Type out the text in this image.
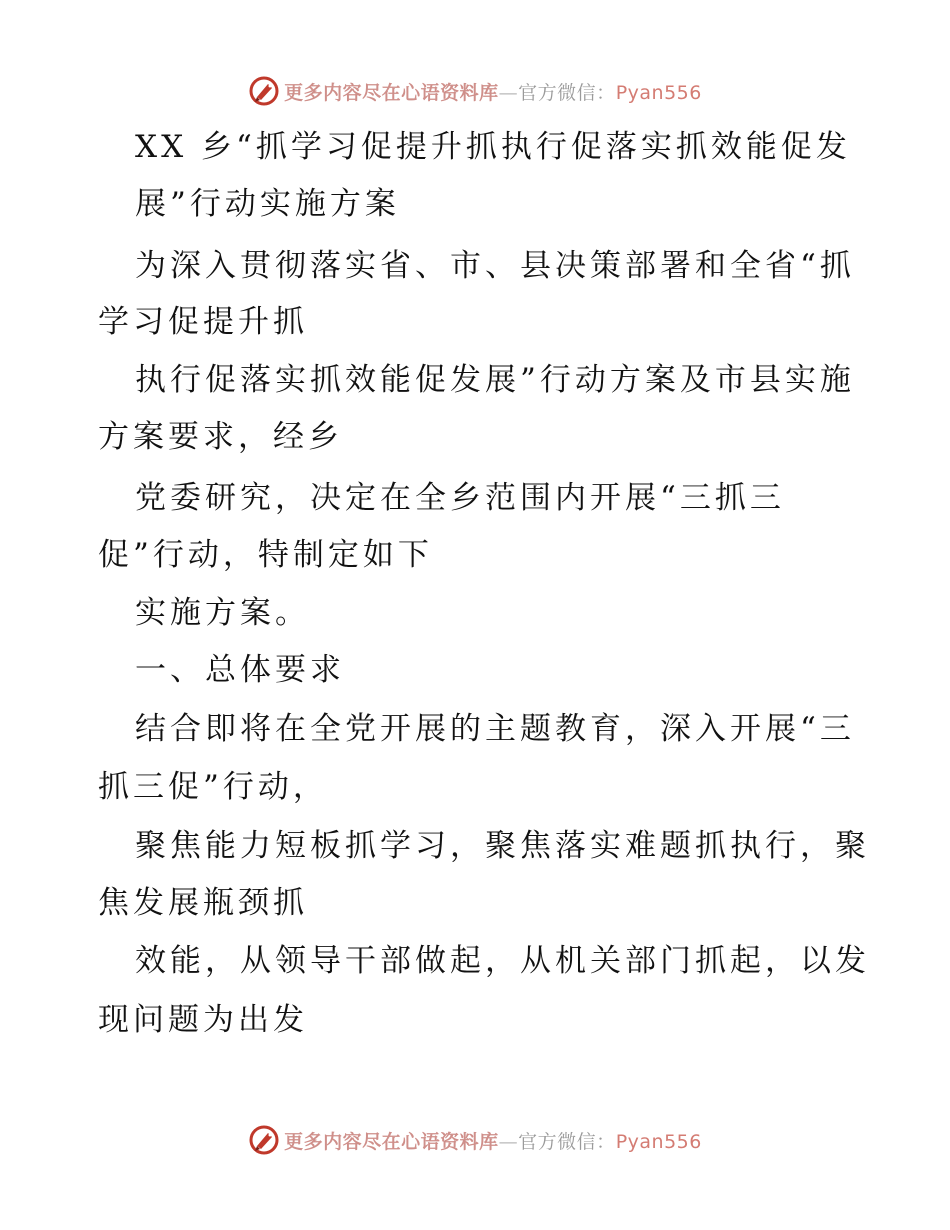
更多内容尽在心语资料库—官方微信：Pyan556
XX 乡“抓学习促提升抓执行促落实抓效能促发
展”行动实施方案
为深入贯彻落实省、市、县决策部署和全省“抓
学习促提升抓
执行促落实抓效能促发展”行动方案及市县实施
方案要求，经乡
党委研究，决定在全乡范围内开展“三抓三
促”行动，特制定如下
实施方案。
一、总体要求
结合即将在全党开展的主题教育，深入开展“三
抓三促”行动，
聚焦能力短板抓学习，聚焦落实难题抓执行，聚
焦发展瓶颈抓
效能，从领导干部做起，从机关部门抓起，以发
现问题为出发
更多内容尽在心语资料库—官方微信：Pyan556
